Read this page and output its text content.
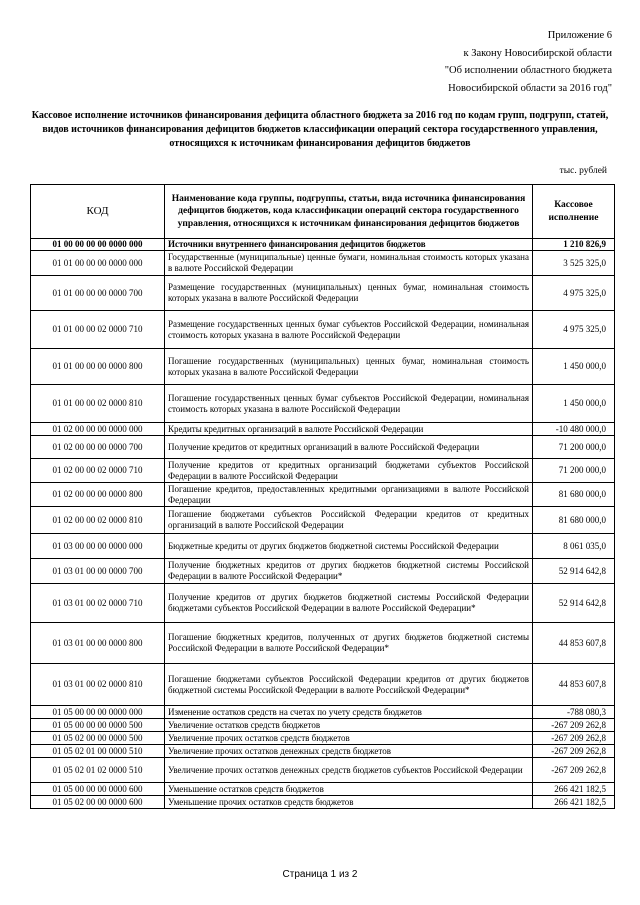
Приложение 6
к Закону Новосибирской области
"Об исполнении областного бюджета
Новосибирской области за 2016 год"
Кассовое исполнение источников финансирования дефицита областного бюджета за 2016 год по кодам групп, подгрупп, статей, видов источников финансирования дефицитов бюджетов классификации операций сектора государственного управления, относящихся к источникам финансирования дефицитов бюджетов
тыс. рублей
КОД	Наименование кода группы, подгруппы, статьи, вида источника финансирования дефицитов бюджетов, кода классификации операций сектора государственного управления, относящихся к источникам финансирования дефицитов бюджетов	Кассовое исполнение
01 00 00 00 00 0000 000	Источники внутреннего финансирования дефицитов бюджетов	1 210 826,9
01 01 00 00 00 0000 000	Государственные (муниципальные) ценные бумаги, номинальная стоимость которых указана в валюте Российской Федерации	3 525 325,0
01 01 00 00 00 0000 700	Размещение государственных (муниципальных) ценных бумаг, номинальная стоимость которых указана в валюте Российской Федерации	4 975 325,0
01 01 00 00 02 0000 710	Размещение государственных ценных бумаг субъектов Российской Федерации, номинальная стоимость которых указана в валюте Российской Федерации	4 975 325,0
01 01 00 00 00 0000 800	Погашение государственных (муниципальных) ценных бумаг, номинальная стоимость которых указана в валюте Российской Федерации	1 450 000,0
01 01 00 00 02 0000 810	Погашение государственных ценных бумаг субъектов Российской Федерации, номинальная стоимость которых указана в валюте Российской Федерации	1 450 000,0
01 02 00 00 00 0000 000	Кредиты кредитных организаций в валюте Российской Федерации	-10 480 000,0
01 02 00 00 00 0000 700	Получение кредитов от кредитных организаций в валюте Российской Федерации	71 200 000,0
01 02 00 00 02 0000 710	Получение кредитов от кредитных организаций бюджетами субъектов Российской Федерации в валюте Российской Федерации	71 200 000,0
01 02 00 00 00 0000 800	Погашение кредитов, предоставленных кредитными организациями в валюте Российской Федерации	81 680 000,0
01 02 00 00 02 0000 810	Погашение бюджетами субъектов Российской Федерации кредитов от кредитных организаций в валюте Российской Федерации	81 680 000,0
01 03 00 00 00 0000 000	Бюджетные кредиты от других бюджетов бюджетной системы Российской Федерации	8 061 035,0
01 03 01 00 00 0000 700	Получение бюджетных кредитов от других бюджетов бюджетной системы Российской Федерации в валюте Российской Федерации*	52 914 642,8
01 03 01 00 02 0000 710	Получение кредитов от других бюджетов бюджетной системы Российской Федерации бюджетами субъектов Российской Федерации в валюте Российской Федерации*	52 914 642,8
01 03 01 00 00 0000 800	Погашение бюджетных кредитов, полученных от других бюджетов бюджетной системы Российской Федерации в валюте Российской Федерации*	44 853 607,8
01 03 01 00 02 0000 810	Погашение бюджетами субъектов Российской Федерации кредитов от других бюджетов бюджетной системы Российской Федерации в валюте Российской Федерации*	44 853 607,8
01 05 00 00 00 0000 000	Изменение остатков средств на счетах по учету средств бюджетов	-788 080,3
01 05 00 00 00 0000 500	Увеличение остатков средств бюджетов	-267 209 262,8
01 05 02 00 00 0000 500	Увеличение прочих остатков средств бюджетов	-267 209 262,8
01 05 02 01 00 0000 510	Увеличение прочих остатков денежных средств бюджетов	-267 209 262,8
01 05 02 01 02 0000 510	Увеличение прочих остатков денежных средств бюджетов субъектов Российской Федерации	-267 209 262,8
01 05 00 00 00 0000 600	Уменьшение остатков средств бюджетов	266 421 182,5
01 05 02 00 00 0000 600	Уменьшение прочих остатков средств бюджетов	266 421 182,5
Страница 1 из 2
